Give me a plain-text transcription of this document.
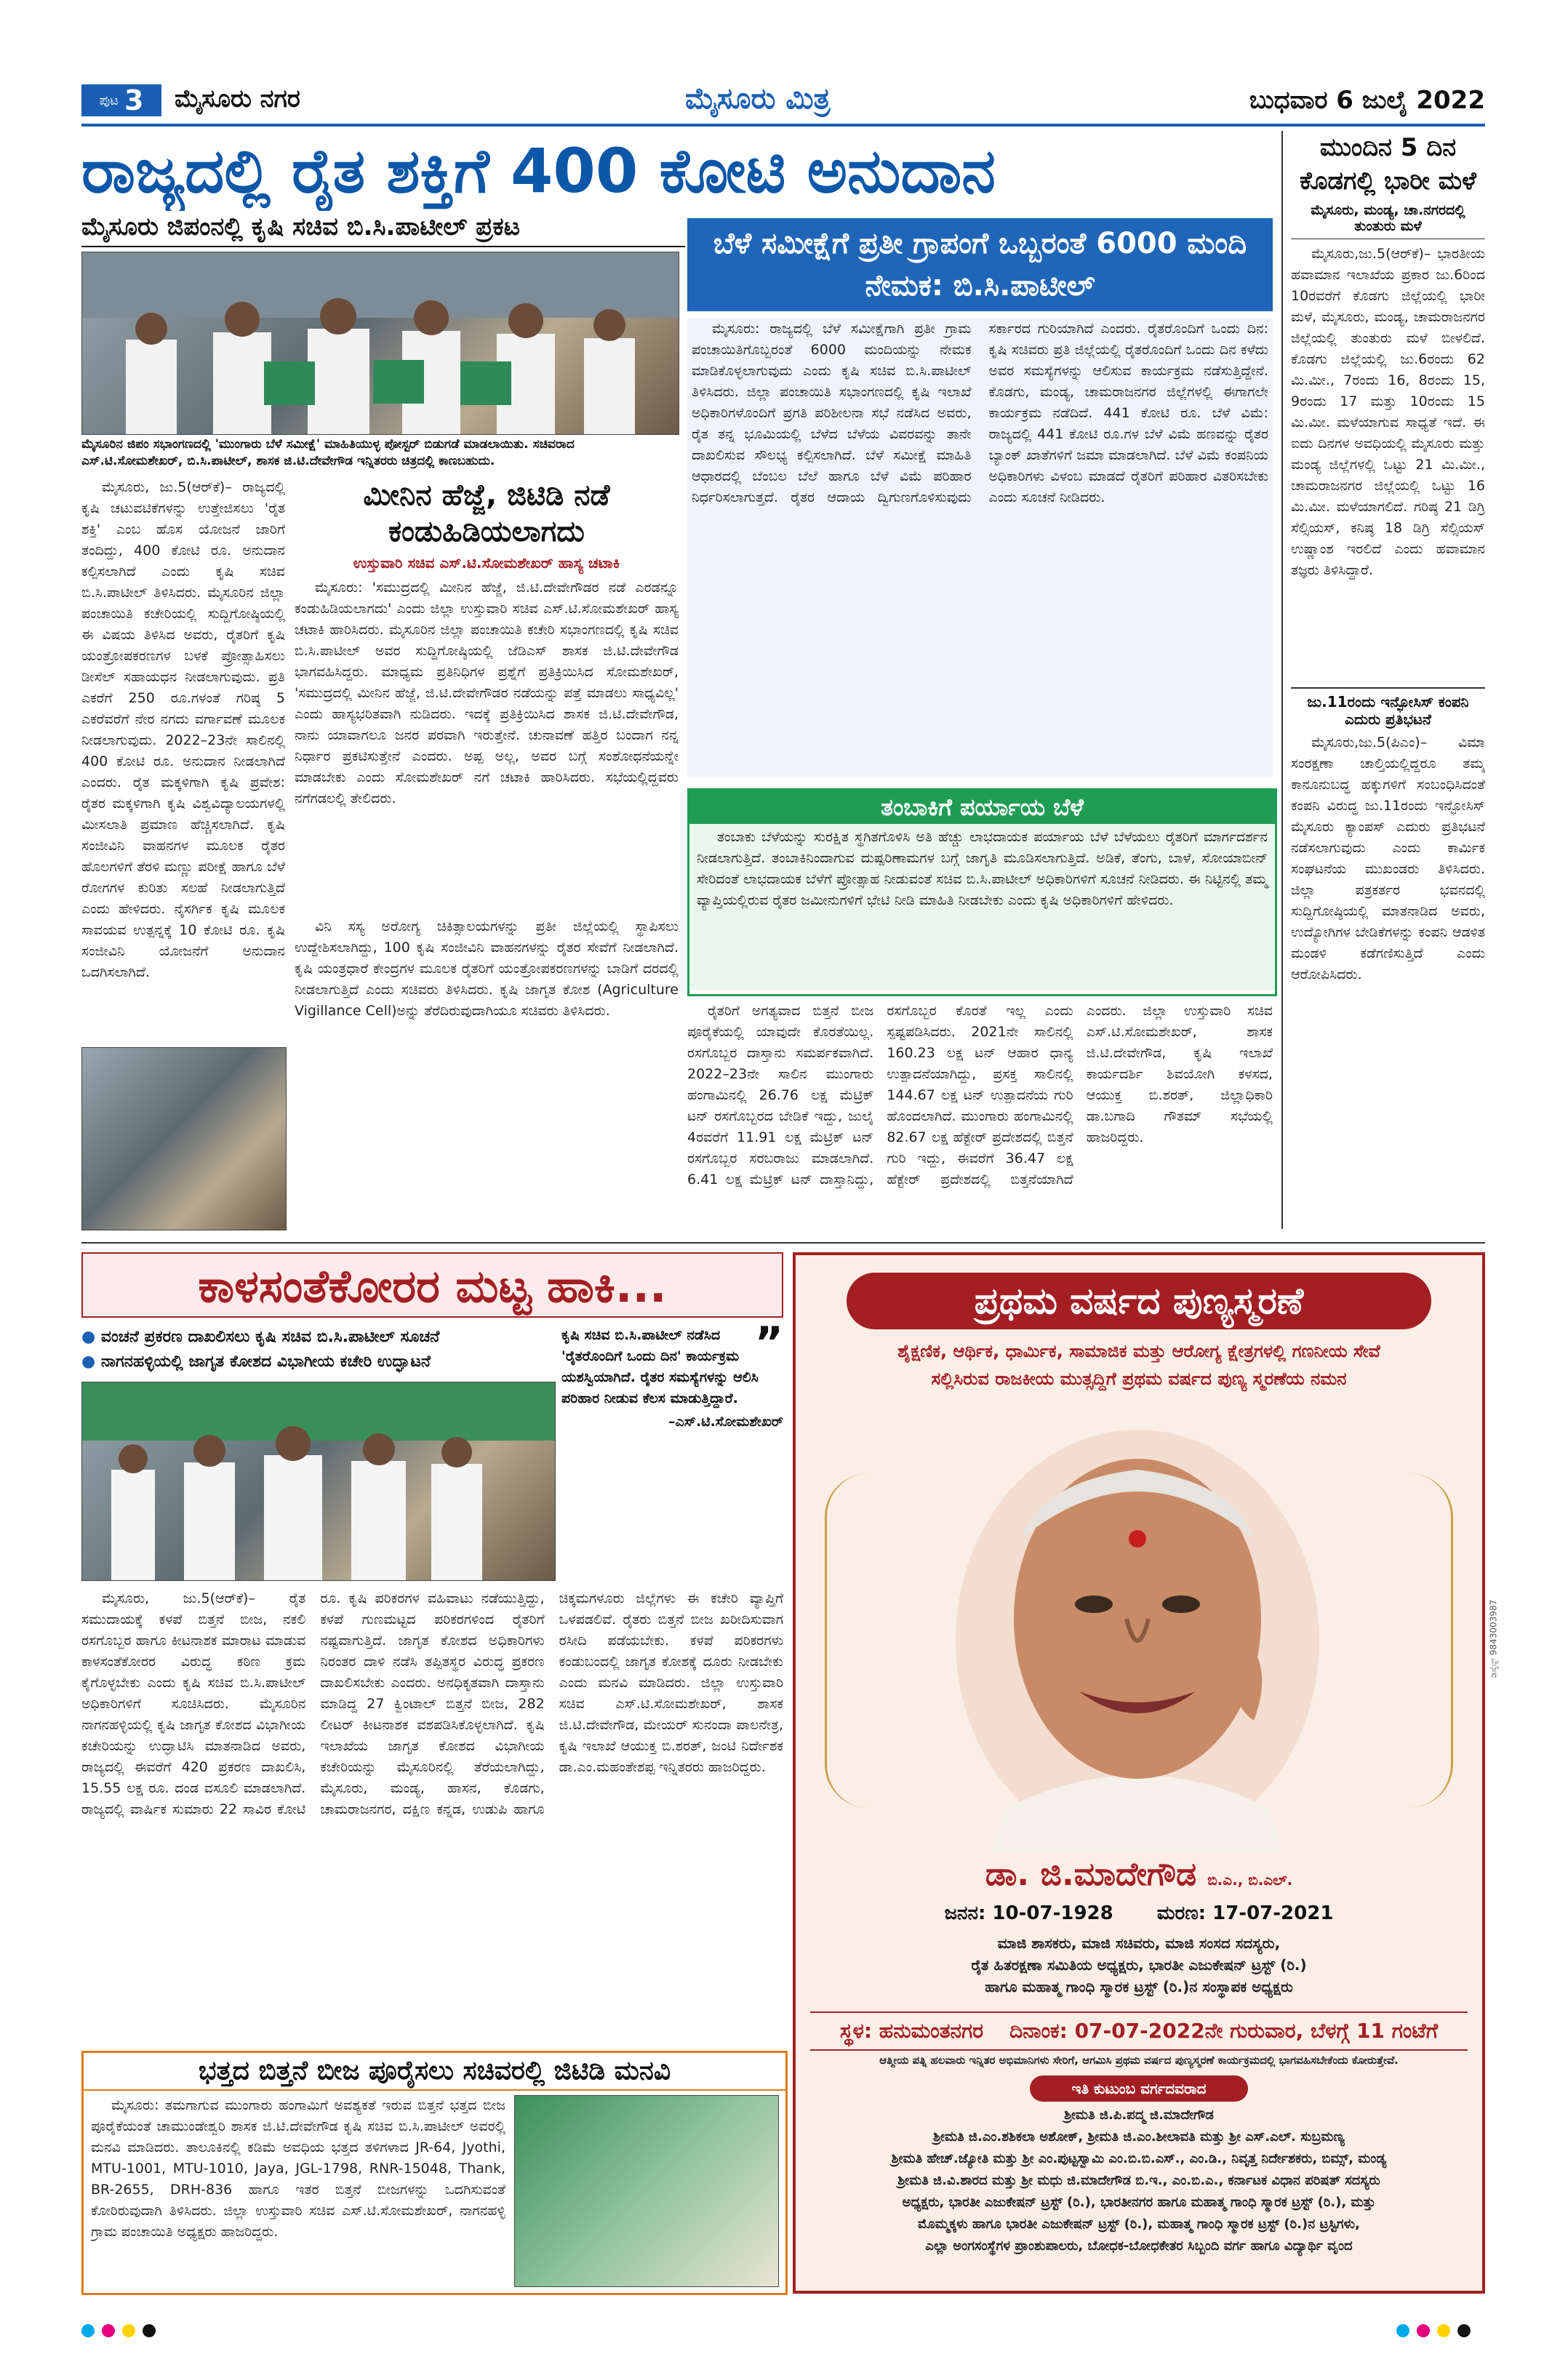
ಪುಟ 3 ಮೈಸೂರು ನಗರ	ಮೈಸೂರು ಮಿತ್ರ	ಬುಧವಾರ 6 ಜುಲೈ 2022
ರಾಜ್ಯದಲ್ಲಿ ರೈತ ಶಕ್ತಿಗೆ 400 ಕೋಟಿ ಅನುದಾನ
ಮೈಸೂರು ಜಿಪಂನಲ್ಲಿ ಕೃಷಿ ಸಚಿವ ಬಿ.ಸಿ.ಪಾಟೀಲ್ ಪ್ರಕಟ
ಮೈಸೂರಿನ ಜಿಪಂ ಸಭಾಂಗಣದಲ್ಲಿ 'ಮುಂಗಾರು ಬೆಳೆ ಸಮೀಕ್ಷೆ' ಮಾಹಿತಿಯುಳ್ಳ ಪೋಸ್ಟರ್ ಬಿಡುಗಡೆ ಮಾಡಲಾಯಿತು. ಸಚಿವರಾದ ಎಸ್.ಟಿ.ಸೋಮಶೇಖರ್, ಬಿ.ಸಿ.ಪಾಟೀಲ್, ಶಾಸಕ ಜಿ.ಟಿ.ದೇವೇಗೌಡ ಇನ್ನಿತರರು ಚಿತ್ರದಲ್ಲಿ ಕಾಣಬಹುದು.

ಮೈಸೂರು, ಜು.5(ಆರ್‌ಕೆ)– ರಾಜ್ಯದಲ್ಲಿ ಕೃಷಿ ಚಟುವಟಿಕೆಗಳನ್ನು ಉತ್ತೇಜಿಸಲು 'ರೈತ ಶಕ್ತಿ' ಎಂಬ ಹೊಸ ಯೋಜನೆ ಜಾರಿಗೆ ತಂದಿದ್ದು, 400 ಕೋಟಿ ರೂ. ಅನುದಾನ ಕಲ್ಪಿಸಲಾಗಿದೆ ಎಂದು ಕೃಷಿ ಸಚಿವ ಬಿ.ಸಿ.ಪಾಟೀಲ್ ತಿಳಿಸಿದರು. ಮೈಸೂರಿನ ಜಿಲ್ಲಾ ಪಂಚಾಯಿತಿ ಕಚೇರಿಯಲ್ಲಿ ಸುದ್ದಿಗೋಷ್ಠಿಯಲ್ಲಿ ಈ ವಿಷಯ ತಿಳಿಸಿದ ಅವರು, ರೈತರಿಗೆ ಕೃಷಿ ಯಂತ್ರೋಪಕರಣಗಳ ಬಳಕೆ ಪ್ರೋತ್ಸಾಹಿಸಲು ಡೀಸೆಲ್ ಸಹಾಯಧನ ನೀಡಲಾಗುವುದು. ಪ್ರತಿ ಎಕರೆಗೆ 250 ರೂ.ಗಳಂತೆ ಗರಿಷ್ಠ 5 ಎಕರೆವರೆಗೆ ನೇರ ನಗದು ವರ್ಗಾವಣೆ ಮೂಲಕ ನೀಡಲಾಗುವುದು. 2022–23ನೇ ಸಾಲಿನಲ್ಲಿ 400 ಕೋಟಿ ರೂ. ಅನುದಾನ ನೀಡಲಾಗಿದೆ ಎಂದರು. ರೈತ ಮಕ್ಕಳಿಗಾಗಿ ಕೃಷಿ ಪ್ರವೇಶ: ರೈತರ ಮಕ್ಕಳಿಗಾಗಿ ಕೃಷಿ ವಿಶ್ವವಿದ್ಯಾಲಯಗಳಲ್ಲಿ ಮೀಸಲಾತಿ ಪ್ರಮಾಣ ಹೆಚ್ಚಿಸಲಾಗಿದೆ. ಕೃಷಿ ಸಂಜೀವಿನಿ ವಾಹನಗಳ ಮೂಲಕ ರೈತರ ಹೊಲಗಳಿಗೆ ತೆರಳಿ ಮಣ್ಣು ಪರೀಕ್ಷೆ ಹಾಗೂ ಬೆಳೆ ರೋಗಗಳ ಕುರಿತು ಸಲಹೆ ನೀಡಲಾಗುತ್ತಿದೆ ಎಂದು ಹೇಳಿದರು. ನೈಸರ್ಗಿಕ ಕೃಷಿ ಮೂಲಕ ಸಾವಯವ ಉತ್ಪನ್ನಕ್ಕೆ 10 ಕೋಟಿ ರೂ. ಕೃಷಿ ಸಂಜೀವಿನಿ ಯೋಜನೆಗೆ ಅನುದಾನ ಒದಗಿಸಲಾಗಿದೆ.

ಮೀನಿನ ಹೆಜ್ಜೆ, ಜಿಟಿಡಿ ನಡೆ ಕಂಡುಹಿಡಿಯಲಾಗದು
ಉಸ್ತುವಾರಿ ಸಚಿವ ಎಸ್.ಟಿ.ಸೋಮಶೇಖರ್ ಹಾಸ್ಯ ಚಟಾಕಿ

ಮೈಸೂರು: 'ಸಮುದ್ರದಲ್ಲಿ ಮೀನಿನ ಹೆಜ್ಜೆ, ಜಿ.ಟಿ.ದೇವೇಗೌಡರ ನಡೆ ಎರಡನ್ನೂ ಕಂಡುಹಿಡಿಯಲಾಗದು' ಎಂದು ಜಿಲ್ಲಾ ಉಸ್ತುವಾರಿ ಸಚಿವ ಎಸ್.ಟಿ.ಸೋಮಶೇಖರ್ ಹಾಸ್ಯ ಚಟಾಕಿ ಹಾರಿಸಿದರು. ಮೈಸೂರಿನ ಜಿಲ್ಲಾ ಪಂಚಾಯಿತಿ ಕಚೇರಿ ಸಭಾಂಗಣದಲ್ಲಿ ಕೃಷಿ ಸಚಿವ ಬಿ.ಸಿ.ಪಾಟೀಲ್ ಅವರ ಸುದ್ದಿಗೋಷ್ಠಿಯಲ್ಲಿ ಜೆಡಿಎಸ್ ಶಾಸಕ ಜಿ.ಟಿ.ದೇವೇಗೌಡ ಭಾಗವಹಿಸಿದ್ದರು. ಮಾಧ್ಯಮ ಪ್ರತಿನಿಧಿಗಳ ಪ್ರಶ್ನೆಗೆ ಪ್ರತಿಕ್ರಿಯಿಸಿದ ಸೋಮಶೇಖರ್, 'ಸಮುದ್ರದಲ್ಲಿ ಮೀನಿನ ಹೆಜ್ಜೆ, ಜಿ.ಟಿ.ದೇವೇಗೌಡರ ನಡೆಯನ್ನು ಪತ್ತೆ ಮಾಡಲು ಸಾಧ್ಯವಿಲ್ಲ' ಎಂದು ಹಾಸ್ಯಭರಿತವಾಗಿ ನುಡಿದರು. ಇದಕ್ಕೆ ಪ್ರತಿಕ್ರಿಯಿಸಿದ ಶಾಸಕ ಜಿ.ಟಿ.ದೇವೇಗೌಡ, ನಾನು ಯಾವಾಗಲೂ ಜನರ ಪರವಾಗಿ ಇರುತ್ತೇನೆ. ಚುನಾವಣೆ ಹತ್ತಿರ ಬಂದಾಗ ನನ್ನ ನಿರ್ಧಾರ ಪ್ರಕಟಿಸುತ್ತೇನೆ ಎಂದರು. ಅಪ್ಪ ಅಲ್ಲ, ಅವರ ಬಗ್ಗೆ ಸಂಶೋಧನೆಯನ್ನೇ ಮಾಡಬೇಕು ಎಂದು ಸೋಮಶೇಖರ್ ನಗೆ ಚಟಾಕಿ ಹಾರಿಸಿದರು. ಸಭೆಯಲ್ಲಿದ್ದವರು ನಗೆಗಡಲಲ್ಲಿ ತೇಲಿದರು.

ವಿನಿ ಸಸ್ಯ ಅರೋಗ್ಯ ಚಿಕಿತ್ಸಾಲಯಗಳನ್ನು ಪ್ರತೀ ಜಿಲ್ಲೆಯಲ್ಲಿ ಸ್ಥಾಪಿಸಲು ಉದ್ದೇಶಿಸಲಾಗಿದ್ದು, 100 ಕೃಷಿ ಸಂಜೀವಿನಿ ವಾಹನಗಳನ್ನು ರೈತರ ಸೇವೆಗೆ ನೀಡಲಾಗಿದೆ. ಕೃಷಿ ಯಂತ್ರಧಾರೆ ಕೇಂದ್ರಗಳ ಮೂಲಕ ರೈತರಿಗೆ ಯಂತ್ರೋಪಕರಣಗಳನ್ನು ಬಾಡಿಗೆ ದರದಲ್ಲಿ ನೀಡಲಾಗುತ್ತಿದೆ ಎಂದು ಸಚಿವರು ತಿಳಿಸಿದರು. ಕೃಷಿ ಜಾಗೃತ ಕೋಶ (Agriculture Vigillance Cell)ಅನ್ನು ತೆರೆದಿರುವುದಾಗಿಯೂ ಸಚಿವರು ತಿಳಿಸಿದರು.

ಬೆಳೆ ಸಮೀಕ್ಷೆಗೆ ಪ್ರತೀ ಗ್ರಾಪಂಗೆ ಒಬ್ಬರಂತೆ 6000 ಮಂದಿ ನೇಮಕ: ಬಿ.ಸಿ.ಪಾಟೀಲ್

ಮೈಸೂರು: ರಾಜ್ಯದಲ್ಲಿ ಬೆಳೆ ಸಮೀಕ್ಷೆಗಾಗಿ ಪ್ರತೀ ಗ್ರಾಮ ಪಂಚಾಯಿತಿಗೊಬ್ಬರಂತೆ 6000 ಮಂದಿಯನ್ನು ನೇಮಕ ಮಾಡಿಕೊಳ್ಳಲಾಗುವುದು ಎಂದು ಕೃಷಿ ಸಚಿವ ಬಿ.ಸಿ.ಪಾಟೀಲ್ ತಿಳಿಸಿದರು. ಜಿಲ್ಲಾ ಪಂಚಾಯಿತಿ ಸಭಾಂಗಣದಲ್ಲಿ ಕೃಷಿ ಇಲಾಖೆ ಅಧಿಕಾರಿಗಳೊಂದಿಗೆ ಪ್ರಗತಿ ಪರಿಶೀಲನಾ ಸಭೆ ನಡೆಸಿದ ಅವರು, ರೈತ ತನ್ನ ಭೂಮಿಯಲ್ಲಿ ಬೆಳೆದ ಬೆಳೆಯ ವಿವರವನ್ನು ತಾನೇ ದಾಖಲಿಸುವ ಸೌಲಭ್ಯ ಕಲ್ಪಿಸಲಾಗಿದೆ. ಬೆಳೆ ಸಮೀಕ್ಷೆ ಮಾಹಿತಿ ಆಧಾರದಲ್ಲಿ ಬೆಂಬಲ ಬೆಲೆ ಹಾಗೂ ಬೆಳೆ ವಿಮೆ ಪರಿಹಾರ ನಿರ್ಧರಿಸಲಾಗುತ್ತದೆ. ರೈತರ ಆದಾಯ ದ್ವಿಗುಣಗೊಳಿಸುವುದು ಸರ್ಕಾರದ ಗುರಿಯಾಗಿದೆ ಎಂದರು. ರೈತರೊಂದಿಗೆ ಒಂದು ದಿನ: ಕೃಷಿ ಸಚಿವರು ಪ್ರತಿ ಜಿಲ್ಲೆಯಲ್ಲಿ ರೈತರೊಂದಿಗೆ ಒಂದು ದಿನ ಕಳೆದು ಅವರ ಸಮಸ್ಯೆಗಳನ್ನು ಆಲಿಸುವ ಕಾರ್ಯಕ್ರಮ ನಡೆಸುತ್ತಿದ್ದೇನೆ. ಕೊಡಗು, ಮಂಡ್ಯ, ಚಾಮರಾಜನಗರ ಜಿಲ್ಲೆಗಳಲ್ಲಿ ಈಗಾಗಲೇ ಕಾರ್ಯಕ್ರಮ ನಡೆದಿದೆ. 441 ಕೋಟಿ ರೂ. ಬೆಳೆ ವಿಮೆ: ರಾಜ್ಯದಲ್ಲಿ 441 ಕೋಟಿ ರೂ.ಗಳ ಬೆಳೆ ವಿಮೆ ಹಣವನ್ನು ರೈತರ ಬ್ಯಾಂಕ್ ಖಾತೆಗಳಿಗೆ ಜಮಾ ಮಾಡಲಾಗಿದೆ. ಬೆಳೆ ವಿಮೆ ಕಂಪನಿಯ ಅಧಿಕಾರಿಗಳು ವಿಳಂಬ ಮಾಡದೆ ರೈತರಿಗೆ ಪರಿಹಾರ ವಿತರಿಸಬೇಕು ಎಂದು ಸೂಚನೆ ನೀಡಿದರು.

ತಂಬಾಕಿಗೆ ಪರ್ಯಾಯ ಬೆಳೆ

ತಂಬಾಕು ಬೆಳೆಯನ್ನು ಸುರಕ್ಷಿತ ಸ್ಥಗಿತಗೊಳಿಸಿ ಅತಿ ಹೆಚ್ಚು ಲಾಭದಾಯಕ ಪರ್ಯಾಯ ಬೆಳೆ ಬೆಳೆಯಲು ರೈತರಿಗೆ ಮಾರ್ಗದರ್ಶನ ನೀಡಲಾಗುತ್ತಿದೆ. ತಂಬಾಕಿನಿಂದಾಗುವ ದುಷ್ಪರಿಣಾಮಗಳ ಬಗ್ಗೆ ಜಾಗೃತಿ ಮೂಡಿಸಲಾಗುತ್ತಿದೆ. ಅಡಿಕೆ, ತೆಂಗು, ಬಾಳೆ, ಸೋಯಾಬೀನ್ ಸೇರಿದಂತೆ ಲಾಭದಾಯಕ ಬೆಳೆಗೆ ಪ್ರೋತ್ಸಾಹ ನೀಡುವಂತೆ ಸಚಿವ ಬಿ.ಸಿ.ಪಾಟೀಲ್ ಅಧಿಕಾರಿಗಳಿಗೆ ಸೂಚನೆ ನೀಡಿದರು. ಈ ನಿಟ್ಟಿನಲ್ಲಿ ತಮ್ಮ ವ್ಯಾಪ್ತಿಯಲ್ಲಿರುವ ರೈತರ ಜಮೀನುಗಳಿಗೆ ಭೇಟಿ ನೀಡಿ ಮಾಹಿತಿ ನೀಡಬೇಕು ಎಂದು ಕೃಷಿ ಅಧಿಕಾರಿಗಳಿಗೆ ಹೇಳಿದರು.

ರೈತರಿಗೆ ಅಗತ್ಯವಾದ ಬಿತ್ತನೆ ಬೀಜ ಪೂರೈಕೆಯಲ್ಲಿ ಯಾವುದೇ ಕೊರತೆಯಿಲ್ಲ. ರಸಗೊಬ್ಬರ ದಾಸ್ತಾನು ಸಮರ್ಪಕವಾಗಿದೆ. 2022–23ನೇ ಸಾಲಿನ ಮುಂಗಾರು ಹಂಗಾಮಿನಲ್ಲಿ 26.76 ಲಕ್ಷ ಮೆಟ್ರಿಕ್ ಟನ್ ರಸಗೊಬ್ಬರದ ಬೇಡಿಕೆ ಇದ್ದು, ಜುಲೈ 4ರವರೆಗೆ 11.91 ಲಕ್ಷ ಮೆಟ್ರಿಕ್ ಟನ್ ರಸಗೊಬ್ಬರ ಸರಬರಾಜು ಮಾಡಲಾಗಿದೆ. 6.41 ಲಕ್ಷ ಮೆಟ್ರಿಕ್ ಟನ್ ದಾಸ್ತಾನಿದ್ದು, ರಸಗೊಬ್ಬರ ಕೊರತೆ ಇಲ್ಲ ಎಂದು ಸ್ಪಷ್ಟಪಡಿಸಿದರು. 2021ನೇ ಸಾಲಿನಲ್ಲಿ 160.23 ಲಕ್ಷ ಟನ್ ಆಹಾರ ಧಾನ್ಯ ಉತ್ಪಾದನೆಯಾಗಿದ್ದು, ಪ್ರಸಕ್ತ ಸಾಲಿನಲ್ಲಿ 144.67 ಲಕ್ಷ ಟನ್ ಉತ್ಪಾದನೆಯ ಗುರಿ ಹೊಂದಲಾಗಿದೆ. ಮುಂಗಾರು ಹಂಗಾಮಿನಲ್ಲಿ 82.67 ಲಕ್ಷ ಹೆಕ್ಟೇರ್ ಪ್ರದೇಶದಲ್ಲಿ ಬಿತ್ತನೆ ಗುರಿ ಇದ್ದು, ಈವರೆಗೆ 36.47 ಲಕ್ಷ ಹೆಕ್ಟೇರ್ ಪ್ರದೇಶದಲ್ಲಿ ಬಿತ್ತನೆಯಾಗಿದೆ ಎಂದರು. ಜಿಲ್ಲಾ ಉಸ್ತುವಾರಿ ಸಚಿವ ಎಸ್.ಟಿ.ಸೋಮಶೇಖರ್, ಶಾಸಕ ಜಿ.ಟಿ.ದೇವೇಗೌಡ, ಕೃಷಿ ಇಲಾಖೆ ಕಾರ್ಯದರ್ಶಿ ಶಿವಯೋಗಿ ಕಳಸದ, ಆಯುಕ್ತ ಬಿ.ಶರತ್, ಜಿಲ್ಲಾಧಿಕಾರಿ ಡಾ.ಬಗಾದಿ ಗೌತಮ್ ಸಭೆಯಲ್ಲಿ ಹಾಜರಿದ್ದರು.

ಮುಂದಿನ 5 ದಿನ ಕೊಡಗಲ್ಲಿ ಭಾರೀ ಮಳೆ
ಮೈಸೂರು, ಮಂಡ್ಯ, ಚಾ.ನಗರದಲ್ಲಿ ತುಂತುರು ಮಳೆ

ಮೈಸೂರು,ಜು.5(ಆರ್‌ಕೆ)– ಭಾರತೀಯ ಹವಾಮಾನ ಇಲಾಖೆಯ ಪ್ರಕಾರ ಜು.6ರಿಂದ 10ರವರೆಗೆ ಕೊಡಗು ಜಿಲ್ಲೆಯಲ್ಲಿ ಭಾರೀ ಮಳೆ, ಮೈಸೂರು, ಮಂಡ್ಯ, ಚಾಮರಾಜನಗರ ಜಿಲ್ಲೆಯಲ್ಲಿ ತುಂತುರು ಮಳೆ ಬೀಳಲಿದೆ. ಕೊಡಗು ಜಿಲ್ಲೆಯಲ್ಲಿ ಜು.6ರಂದು 62 ಮಿ.ಮೀ., 7ರಂದು 16, 8ರಂದು 15, 9ರಂದು 17 ಮತ್ತು 10ರಂದು 15 ಮಿ.ಮೀ. ಮಳೆಯಾಗುವ ಸಾಧ್ಯತೆ ಇದೆ. ಈ ಐದು ದಿನಗಳ ಅವಧಿಯಲ್ಲಿ ಮೈಸೂರು ಮತ್ತು ಮಂಡ್ಯ ಜಿಲ್ಲೆಗಳಲ್ಲಿ ಒಟ್ಟು 21 ಮಿ.ಮೀ., ಚಾಮರಾಜನಗರ ಜಿಲ್ಲೆಯಲ್ಲಿ ಒಟ್ಟು 16 ಮಿ.ಮೀ. ಮಳೆಯಾಗಲಿದೆ. ಗರಿಷ್ಠ 21 ಡಿಗ್ರಿ ಸೆಲ್ಸಿಯಸ್, ಕನಿಷ್ಠ 18 ಡಿಗ್ರಿ ಸೆಲ್ಸಿಯಸ್ ಉಷ್ಣಾಂಶ ಇರಲಿದೆ ಎಂದು ಹವಾಮಾನ ತಜ್ಞರು ತಿಳಿಸಿದ್ದಾರೆ.

ಜು.11ರಂದು ಇನ್ಫೋಸಿಸ್ ಕಂಪನಿ ಎದುರು ಪ್ರತಿಭಟನೆ

ಮೈಸೂರು,ಜು.5(ಪಿಎಂ)– ವಿಮಾ ಸಂರಕ್ಷಣಾ ಚಾಲ್ತಿಯಲ್ಲಿದ್ದರೂ ತಮ್ಮ ಕಾನೂನುಬದ್ಧ ಹಕ್ಕುಗಳಿಗೆ ಸಂಬಂಧಿಸಿದಂತೆ ಕಂಪನಿ ವಿರುದ್ಧ ಜು.11ರಂದು ಇನ್ಫೋಸಿಸ್ ಮೈಸೂರು ಕ್ಯಾಂಪಸ್ ಎದುರು ಪ್ರತಿಭಟನೆ ನಡೆಸಲಾಗುವುದು ಎಂದು ಕಾರ್ಮಿಕ ಸಂಘಟನೆಯ ಮುಖಂಡರು ತಿಳಿಸಿದರು. ಜಿಲ್ಲಾ ಪತ್ರಕರ್ತರ ಭವನದಲ್ಲಿ ಸುದ್ದಿಗೋಷ್ಠಿಯಲ್ಲಿ ಮಾತನಾಡಿದ ಅವರು, ಉದ್ಯೋಗಿಗಳ ಬೇಡಿಕೆಗಳನ್ನು ಕಂಪನಿ ಆಡಳಿತ ಮಂಡಳಿ ಕಡೆಗಣಿಸುತ್ತಿದೆ ಎಂದು ಆರೋಪಿಸಿದರು.

ಕಾಳಸಂತೆಕೋರರ ಮಟ್ಟ ಹಾಕಿ...
● ವಂಚನೆ ಪ್ರಕರಣ ದಾಖಲಿಸಲು ಕೃಷಿ ಸಚಿವ ಬಿ.ಸಿ.ಪಾಟೀಲ್ ಸೂಚನೆ
● ನಾಗನಹಳ್ಳಿಯಲ್ಲಿ ಜಾಗೃತ ಕೋಶದ ವಿಭಾಗೀಯ ಕಚೇರಿ ಉದ್ಘಾಟನೆ	”
ಕೃಷಿ ಸಚಿವ ಬಿ.ಸಿ.ಪಾಟೀಲ್ ನಡೆಸಿದ 'ರೈತರೊಂದಿಗೆ ಒಂದು ದಿನ' ಕಾರ್ಯಕ್ರಮ ಯಶಸ್ವಿಯಾಗಿದೆ. ರೈತರ ಸಮಸ್ಯೆಗಳನ್ನು ಆಲಿಸಿ ಪರಿಹಾರ ನೀಡುವ ಕೆಲಸ ಮಾಡುತ್ತಿದ್ದಾರೆ.
–ಎಸ್.ಟಿ.ಸೋಮಶೇಖರ್

ಮೈಸೂರು, ಜು.5(ಆರ್‌ಕೆ)– ರೈತ ಸಮುದಾಯಕ್ಕೆ ಕಳಪೆ ಬಿತ್ತನೆ ಬೀಜ, ನಕಲಿ ರಸಗೊಬ್ಬರ ಹಾಗೂ ಕೀಟನಾಶಕ ಮಾರಾಟ ಮಾಡುವ ಕಾಳಸಂತೆಕೋರರ ವಿರುದ್ಧ ಕಠಿಣ ಕ್ರಮ ಕೈಗೊಳ್ಳಬೇಕು ಎಂದು ಕೃಷಿ ಸಚಿವ ಬಿ.ಸಿ.ಪಾಟೀಲ್ ಅಧಿಕಾರಿಗಳಿಗೆ ಸೂಚಿಸಿದರು. ಮೈಸೂರಿನ ನಾಗನಹಳ್ಳಿಯಲ್ಲಿ ಕೃಷಿ ಜಾಗೃತ ಕೋಶದ ವಿಭಾಗೀಯ ಕಚೇರಿಯನ್ನು ಉದ್ಘಾಟಿಸಿ ಮಾತನಾಡಿದ ಅವರು, ರಾಜ್ಯದಲ್ಲಿ ಈವರೆಗೆ 420 ಪ್ರಕರಣ ದಾಖಲಿಸಿ, 15.55 ಲಕ್ಷ ರೂ. ದಂಡ ವಸೂಲಿ ಮಾಡಲಾಗಿದೆ. ರಾಜ್ಯದಲ್ಲಿ ವಾರ್ಷಿಕ ಸುಮಾರು 22 ಸಾವಿರ ಕೋಟಿ ರೂ. ಕೃಷಿ ಪರಿಕರಗಳ ವಹಿವಾಟು ನಡೆಯುತ್ತಿದ್ದು, ಕಳಪೆ ಗುಣಮಟ್ಟದ ಪರಿಕರಗಳಿಂದ ರೈತರಿಗೆ ನಷ್ಟವಾಗುತ್ತಿದೆ. ಜಾಗೃತ ಕೋಶದ ಅಧಿಕಾರಿಗಳು ನಿರಂತರ ದಾಳಿ ನಡೆಸಿ ತಪ್ಪಿತಸ್ಥರ ವಿರುದ್ಧ ಪ್ರಕರಣ ದಾಖಲಿಸಬೇಕು ಎಂದರು. ಅನಧಿಕೃತವಾಗಿ ದಾಸ್ತಾನು ಮಾಡಿದ್ದ 27 ಕ್ವಿಂಟಾಲ್ ಬಿತ್ತನೆ ಬೀಜ, 282 ಲೀಟರ್ ಕೀಟನಾಶಕ ವಶಪಡಿಸಿಕೊಳ್ಳಲಾಗಿದೆ. ಕೃಷಿ ಇಲಾಖೆಯ ಜಾಗೃತ ಕೋಶದ ವಿಭಾಗೀಯ ಕಚೇರಿಯನ್ನು ಮೈಸೂರಿನಲ್ಲಿ ತೆರೆಯಲಾಗಿದ್ದು, ಮೈಸೂರು, ಮಂಡ್ಯ, ಹಾಸನ, ಕೊಡಗು, ಚಾಮರಾಜನಗರ, ದಕ್ಷಿಣ ಕನ್ನಡ, ಉಡುಪಿ ಹಾಗೂ ಚಿಕ್ಕಮಗಳೂರು ಜಿಲ್ಲೆಗಳು ಈ ಕಚೇರಿ ವ್ಯಾಪ್ತಿಗೆ ಒಳಪಡಲಿವೆ. ರೈತರು ಬಿತ್ತನೆ ಬೀಜ ಖರೀದಿಸುವಾಗ ರಸೀದಿ ಪಡೆಯಬೇಕು. ಕಳಪೆ ಪರಿಕರಗಳು ಕಂಡುಬಂದಲ್ಲಿ ಜಾಗೃತ ಕೋಶಕ್ಕೆ ದೂರು ನೀಡಬೇಕು ಎಂದು ಮನವಿ ಮಾಡಿದರು. ಜಿಲ್ಲಾ ಉಸ್ತುವಾರಿ ಸಚಿವ ಎಸ್.ಟಿ.ಸೋಮಶೇಖರ್, ಶಾಸಕ ಜಿ.ಟಿ.ದೇವೇಗೌಡ, ಮೇಯರ್ ಸುನಂದಾ ಪಾಲನೇತ್ರ, ಕೃಷಿ ಇಲಾಖೆ ಆಯುಕ್ತ ಬಿ.ಶರತ್, ಜಂಟಿ ನಿರ್ದೇಶಕ ಡಾ.ಎಂ.ಮಹಂತೇಶಪ್ಪ ಇನ್ನಿತರರು ಹಾಜರಿದ್ದರು.

ಭತ್ತದ ಬಿತ್ತನೆ ಬೀಜ ಪೂರೈಸಲು ಸಚಿವರಲ್ಲಿ ಜಿಟಿಡಿ ಮನವಿ

ಮೈಸೂರು: ತಮಗಾಗುವ ಮುಂಗಾರು ಹಂಗಾಮಿಗೆ ಅವಶ್ಯಕತೆ ಇರುವ ಬಿತ್ತನೆ ಭತ್ತದ ಬೀಜ ಪೂರೈಕೆಯಂತೆ ಚಾಮುಂಡೇಶ್ವರಿ ಶಾಸಕ ಜಿ.ಟಿ.ದೇವೇಗೌಡ ಕೃಷಿ ಸಚಿವ ಬಿ.ಸಿ.ಪಾಟೀಲ್ ಅವರಲ್ಲಿ ಮನವಿ ಮಾಡಿದರು. ತಾಲೂಕಿನಲ್ಲಿ ಕಡಿಮೆ ಅವಧಿಯ ಭತ್ತದ ತಳಿಗಳಾದ JR-64, Jyothi, MTU-1001, MTU-1010, Jaya, JGL-1798, RNR-15048, Thank, BR-2655, DRH-836 ಹಾಗೂ ಇತರ ಬಿತ್ತನೆ ಬೀಜಗಳನ್ನು ಒದಗಿಸುವಂತೆ ಕೋರಿರುವುದಾಗಿ ತಿಳಿಸಿದರು. ಜಿಲ್ಲಾ ಉಸ್ತುವಾರಿ ಸಚಿವ ಎಸ್.ಟಿ.ಸೋಮಶೇಖರ್, ನಾಗನಹಳ್ಳಿ ಗ್ರಾಮ ಪಂಚಾಯಿತಿ ಅಧ್ಯಕ್ಷರು ಹಾಜರಿದ್ದರು.

ಪ್ರಥಮ ವರ್ಷದ ಪುಣ್ಯಸ್ಮರಣೆ
ಶೈಕ್ಷಣಿಕ, ಆರ್ಥಿಕ, ಧಾರ್ಮಿಕ, ಸಾಮಾಜಿಕ ಮತ್ತು ಆರೋಗ್ಯ ಕ್ಷೇತ್ರಗಳಲ್ಲಿ ಗಣನೀಯ ಸೇವೆ
ಸಲ್ಲಿಸಿರುವ ರಾಜಕೀಯ ಮುತ್ಸದ್ದಿಗೆ ಪ್ರಥಮ ವರ್ಷದ ಪುಣ್ಯ ಸ್ಮರಣೆಯ ನಮನ
ಡಿಸೈನ್ಸ್ 9843003987
ಡಾ. ಜಿ.ಮಾದೇಗೌಡ ಬಿ.ಎ., ಬಿ.ಎಲ್.
ಜನನ: 10-07-1928 ಮರಣ: 17-07-2021
ಮಾಜಿ ಶಾಸಕರು, ಮಾಜಿ ಸಚಿವರು, ಮಾಜಿ ಸಂಸದ ಸದಸ್ಯರು,
ರೈತ ಹಿತರಕ್ಷಣಾ ಸಮಿತಿಯ ಅಧ್ಯಕ್ಷರು, ಭಾರತೀ ಎಜುಕೇಷನ್ ಟ್ರಸ್ಟ್ (ರಿ.)
ಹಾಗೂ ಮಹಾತ್ಮ ಗಾಂಧಿ ಸ್ಮಾರಕ ಟ್ರಸ್ಟ್ (ರಿ.)ನ ಸಂಸ್ಥಾಪಕ ಅಧ್ಯಕ್ಷರು
ಸ್ಥಳ: ಹನುಮಂತನಗರ ದಿನಾಂಕ: 07-07-2022ನೇ ಗುರುವಾರ, ಬೆಳಗ್ಗೆ 11 ಗಂಟೆಗೆ
ಆತ್ಮೀಯ ಪತ್ನಿ ಹಲವಾರು ಇನ್ನಿತರ ಅಭಿಮಾನಿಗಳು ಸೇರಿಗೆ, ಆಗಮಿಸಿ ಪ್ರಥಮ ವರ್ಷದ ಪುಣ್ಯಸ್ಮರಣೆ ಕಾರ್ಯಕ್ರಮದಲ್ಲಿ ಭಾಗವಹಿಸಬೇಕೆಂದು ಕೋರುತ್ತೇವೆ.
ಇತಿ ಕುಟುಂಬ ವರ್ಗದವರಾದ
ಶ್ರೀಮತಿ ಜಿ.ಪಿ.ಪದ್ಮ ಜಿ.ಮಾದೇಗೌಡ
ಶ್ರೀಮತಿ ಜಿ.ಎಂ.ಶಶಿಕಲಾ ಅಶೋಕ್, ಶ್ರೀಮತಿ ಜಿ.ಎಂ.ಶೀಲಾವತಿ ಮತ್ತು ಶ್ರೀ ಎಸ್.ಎಲ್. ಸುಬ್ರಮಣ್ಯ
ಶ್ರೀಮತಿ ಹೇಚ್.ಜ್ಯೋತಿ ಮತ್ತು ಶ್ರೀ ಎಂ.ಪುಟ್ಟಸ್ವಾಮಿ ಎಂ.ಬಿ.ಬಿ.ಎಸ್., ಎಂ.ಡಿ., ನಿವೃತ್ತ ನಿರ್ದೇಶಕರು, ಬಿಮ್ಸ್, ಮಂಡ್ಯ
ಶ್ರೀಮತಿ ಜಿ.ವಿ.ಶಾರದ ಮತ್ತು ಶ್ರೀ ಮಧು ಜಿ.ಮಾದೇಗೌಡ ಬಿ.ಇ., ಎಂ.ಬಿ.ಎ., ಕರ್ನಾಟಕ ವಿಧಾನ ಪರಿಷತ್ ಸದಸ್ಯರು
ಅಧ್ಯಕ್ಷರು, ಭಾರತೀ ಎಜುಕೇಷನ್ ಟ್ರಸ್ಟ್ (ರಿ.), ಭಾರತೀನಗರ ಹಾಗೂ ಮಹಾತ್ಮ ಗಾಂಧಿ ಸ್ಮಾರಕ ಟ್ರಸ್ಟ್ (ರಿ.), ಮತ್ತು
ಮೊಮ್ಮಕ್ಕಳು ಹಾಗೂ ಭಾರತೀ ಎಜುಕೇಷನ್ ಟ್ರಸ್ಟ್ (ರಿ.), ಮಹಾತ್ಮ ಗಾಂಧಿ ಸ್ಮಾರಕ ಟ್ರಸ್ಟ್ (ರಿ.)ನ ಟ್ರಸ್ಟಿಗಳು,
ಎಲ್ಲಾ ಅಂಗಸಂಸ್ಥೆಗಳ ಪ್ರಾಂಶುಪಾಲರು, ಬೋಧಕ-ಬೋಧಕೇತರ ಸಿಬ್ಬಂದಿ ವರ್ಗ ಹಾಗೂ ವಿದ್ಯಾರ್ಥಿ ವೃಂದ
